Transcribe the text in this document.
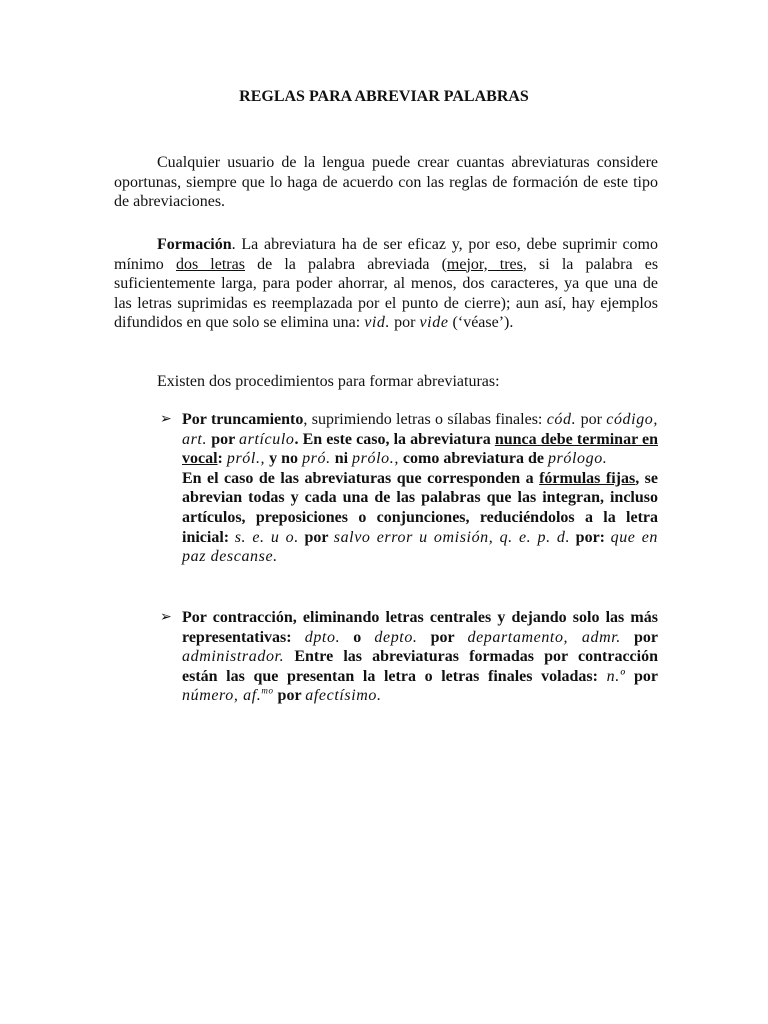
REGLAS PARA ABREVIAR PALABRAS

Cualquier usuario de la lengua puede crear cuantas abreviaturas considere oportunas, siempre que lo haga de acuerdo con las reglas de formación de este tipo de abreviaciones.

Formación. La abreviatura ha de ser eficaz y, por eso, debe suprimir como mínimo dos letras de la palabra abreviada (mejor, tres, si la palabra es suficientemente larga, para poder ahorrar, al menos, dos caracteres, ya que una de las letras suprimidas es reemplazada por el punto de cierre); aun así, hay ejemplos difundidos en que solo se elimina una: vid. por vide (‘véase’).

Existen dos procedimientos para formar abreviaturas:

➢ Por truncamiento, suprimiendo letras o sílabas finales: cód. por código, art. por artículo. En este caso, la abreviatura nunca debe terminar en vocal: pról., y no pró. ni prólo., como abreviatura de prólogo.
En el caso de las abreviaturas que corresponden a fórmulas fijas, se abrevian todas y cada una de las palabras que las integran, incluso artículos, preposiciones o conjunciones, reduciéndolos a la letra inicial: s. e. u o. por salvo error u omisión, q. e. p. d. por: que en paz descanse.

➢ Por contracción, eliminando letras centrales y dejando solo las más representativas: dpto. o depto. por departamento, admr. por administrador. Entre las abreviaturas formadas por contracción están las que presentan la letra o letras finales voladas: n.º por número, af.$^{mo}$ por afectísimo.
